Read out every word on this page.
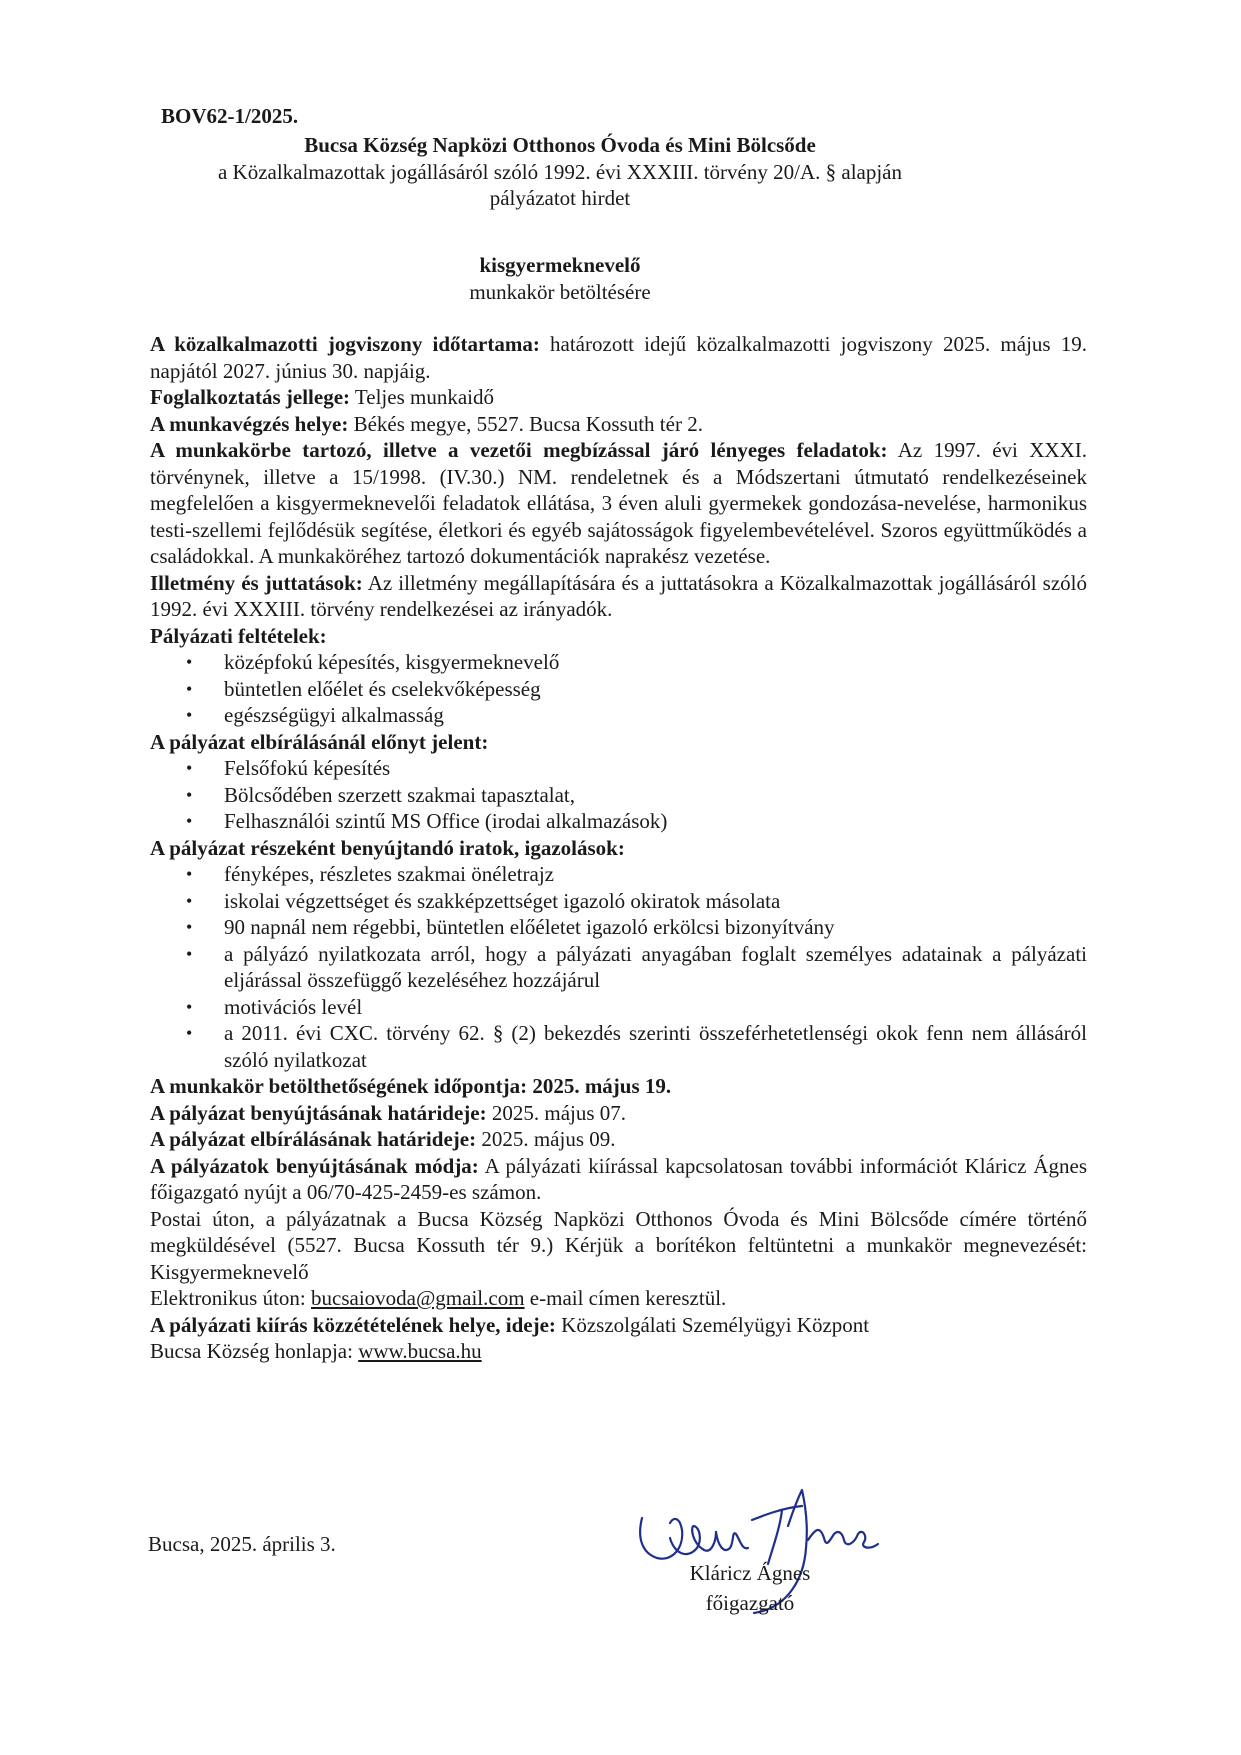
BOV62-1/2025.
Bucsa Község Napközi Otthonos Óvoda és Mini Bölcsőde
a Közalkalmazottak jogállásáról szóló 1992. évi XXXIII. törvény 20/A. § alapján
pályázatot hirdet
kisgyermeknevelő
munkakör betöltésére

A közalkalmazotti jogviszony időtartama: határozott idejű közalkalmazotti jogviszony 2025. május 19. napjától 2027. június 30. napjáig.

Foglalkoztatás jellege: Teljes munkaidő

A munkavégzés helye: Békés megye, 5527. Bucsa Kossuth tér 2.

A munkakörbe tartozó, illetve a vezetői megbízással járó lényeges feladatok: Az 1997. évi XXXI. törvénynek, illetve a 15/1998. (IV.30.) NM. rendeletnek és a Módszertani útmutató rendelkezéseinek megfelelően a kisgyermeknevelői feladatok ellátása, 3 éven aluli gyermekek gondozása-nevelése, harmonikus testi-szellemi fejlődésük segítése, életkori és egyéb sajátosságok figyelembevételével. Szoros együttműködés a családokkal. A munkaköréhez tartozó dokumentációk naprakész vezetése.

Illetmény és juttatások: Az illetmény megállapítására és a juttatásokra a Közalkalmazottak jogállásáról szóló 1992. évi XXXIII. törvény rendelkezései az irányadók.

Pályázati feltételek:

• középfokú képesítés, kisgyermeknevelő
• büntetlen előélet és cselekvőképesség
• egészségügyi alkalmasság

A pályázat elbírálásánál előnyt jelent:

• Felsőfokú képesítés
• Bölcsődében szerzett szakmai tapasztalat,
• Felhasználói szintű MS Office (irodai alkalmazások)

A pályázat részeként benyújtandó iratok, igazolások:

• fényképes, részletes szakmai önéletrajz
• iskolai végzettséget és szakképzettséget igazoló okiratok másolata
• 90 napnál nem régebbi, büntetlen előéletet igazoló erkölcsi bizonyítvány
• a pályázó nyilatkozata arról, hogy a pályázati anyagában foglalt személyes adatainak a pályázati eljárással összefüggő kezeléséhez hozzájárul
• motivációs levél
• a 2011. évi CXC. törvény 62. § (2) bekezdés szerinti összeférhetetlenségi okok fenn nem állásáról szóló nyilatkozat

A munkakör betölthetőségének időpontja: 2025. május 19.

A pályázat benyújtásának határideje: 2025. május 07.

A pályázat elbírálásának határideje: 2025. május 09.

A pályázatok benyújtásának módja: A pályázati kiírással kapcsolatosan további információt Kláricz Ágnes főigazgató nyújt a 06/70-425-2459-es számon.

Postai úton, a pályázatnak a Bucsa Község Napközi Otthonos Óvoda és Mini Bölcsőde címére történő megküldésével (5527. Bucsa Kossuth tér 9.) Kérjük a borítékon feltüntetni a munkakör megnevezését: Kisgyermeknevelő

Elektronikus úton: bucsaiovoda@gmail.com e-mail címen keresztül.

A pályázati kiírás közzétételének helye, ideje: Közszolgálati Személyügyi Központ

Bucsa Község honlapja: www.bucsa.hu

Bucsa, 2025. április 3.
Kláricz Ágnes
főigazgató
